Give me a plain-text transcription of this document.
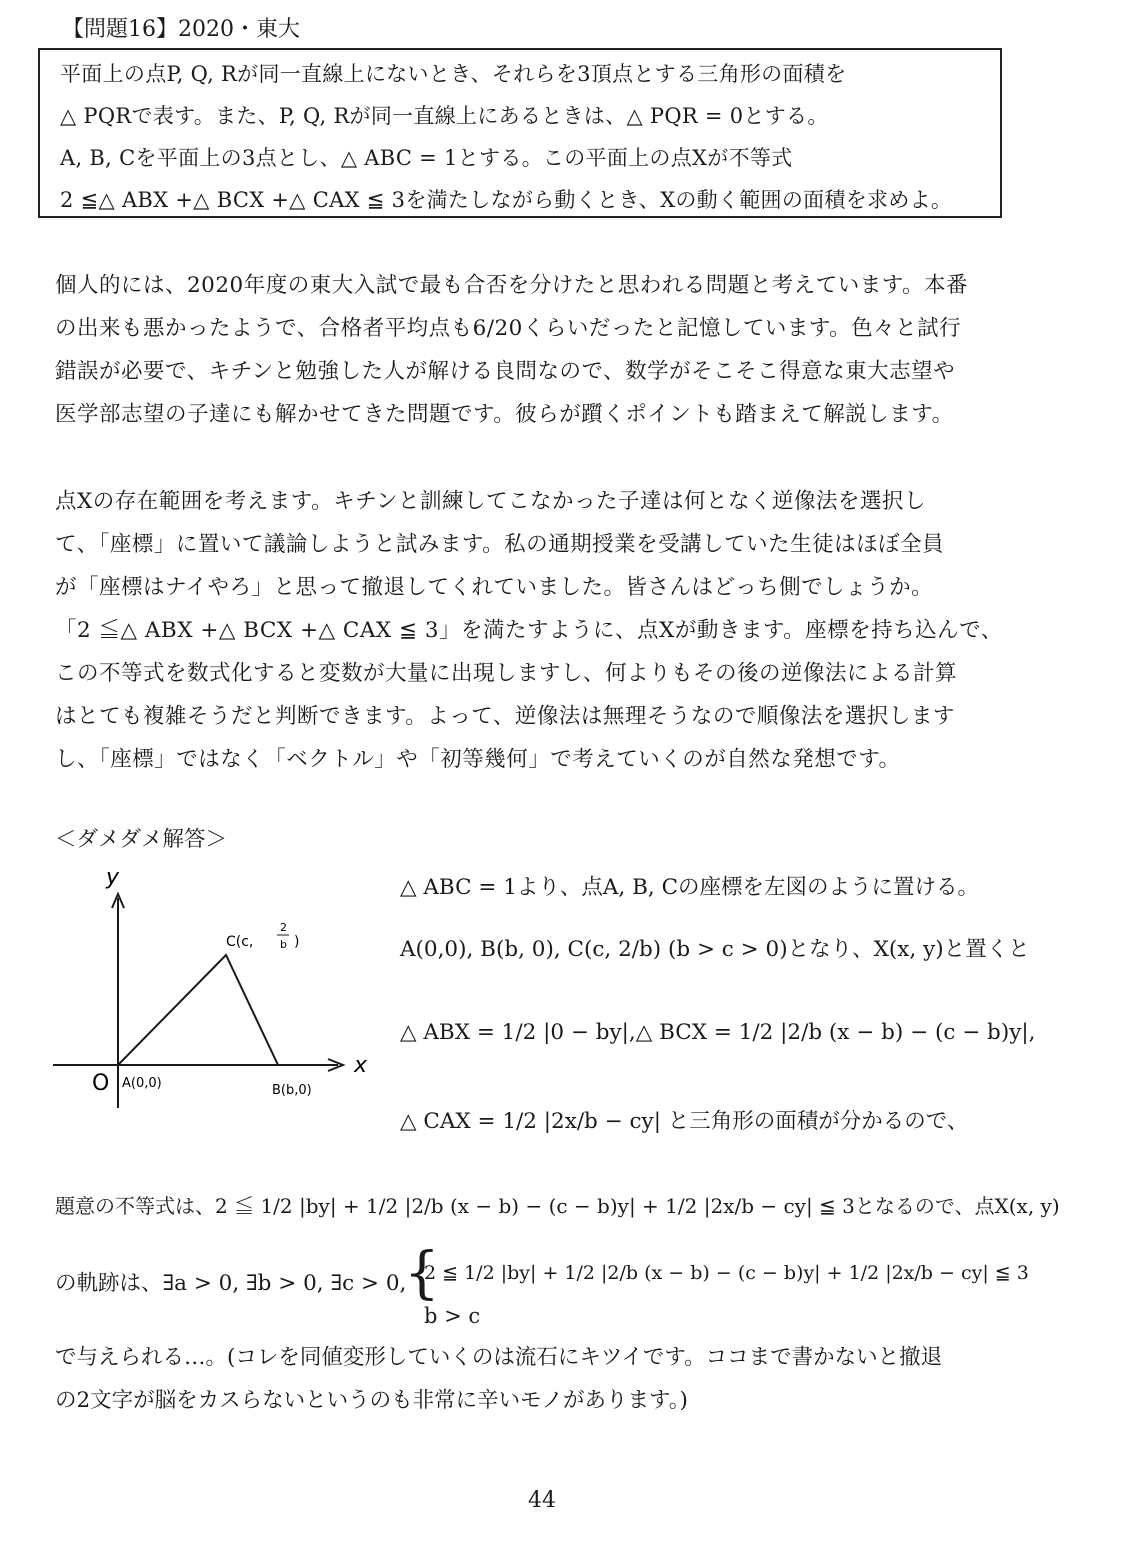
【問題16】2020・東大
平面上の点P, Q, Rが同一直線上にないとき、それらを3頂点とする三角形の面積を
△ PQRで表す。また、P, Q, Rが同一直線上にあるときは、△ PQR = 0とする。
A, B, Cを平面上の3点とし、△ ABC = 1とする。この平面上の点Xが不等式
2 ≦△ ABX +△ BCX +△ CAX ≦ 3を満たしながら動くとき、Xの動く範囲の面積を求めよ。
個人的には、2020年度の東大入試で最も合否を分けたと思われる問題と考えています。本番
の出来も悪かったようで、合格者平均点も6/20くらいだったと記憶しています。色々と試行
錯誤が必要で、キチンと勉強した人が解ける良問なので、数学がそこそこ得意な東大志望や
医学部志望の子達にも解かせてきた問題です。彼らが躓くポイントも踏まえて解説します。
点Xの存在範囲を考えます。キチンと訓練してこなかった子達は何となく逆像法を選択し
て、「座標」に置いて議論しようと試みます。私の通期授業を受講していた生徒はほぼ全員
が「座標はナイやろ」と思って撤退してくれていました。皆さんはどっち側でしょうか。
「2 ≦△ ABX +△ BCX +△ CAX ≦ 3」を満たすように、点Xが動きます。座標を持ち込んで、
この不等式を数式化すると変数が大量に出現しますし、何よりもその後の逆像法による計算
はとても複雑そうだと判断できます。よって、逆像法は無理そうなので順像法を選択します
し、「座標」ではなく「ベクトル」や「初等幾何」で考えていくのが自然な発想です。
＜ダメダメ解答＞
y
x
O A(0,0)	B(b,0)
C(c,
2
b )
△ ABC = 1より、点A, B, Cの座標を左図のように置ける。
A(0,0), B(b, 0), C(c, 2/b) (b > c > 0)となり、X(x, y)と置くと
△ ABX = 1/2 |0 − by|,△ BCX = 1/2 |2/b (x − b) − (c − b)y|,
△ CAX = 1/2 |2x/b − cy| と三角形の面積が分かるので、
題意の不等式は、2 ≦ 1/2 |by| + 1/2 |2/b (x − b) − (c − b)y| + 1/2 |2x/b − cy| ≦ 3となるので、点X(x, y)
の軌跡は、∃a > 0, ∃b > 0, ∃c > 0,
{
2 ≦ 1/2 |by| + 1/2 |2/b (x − b) − (c − b)y| + 1/2 |2x/b − cy| ≦ 3
b > c
で与えられる…。(コレを同値変形していくのは流石にキツイです。ココまで書かないと撤退
の2文字が脳をカスらないというのも非常に辛いモノがあります。)
44
